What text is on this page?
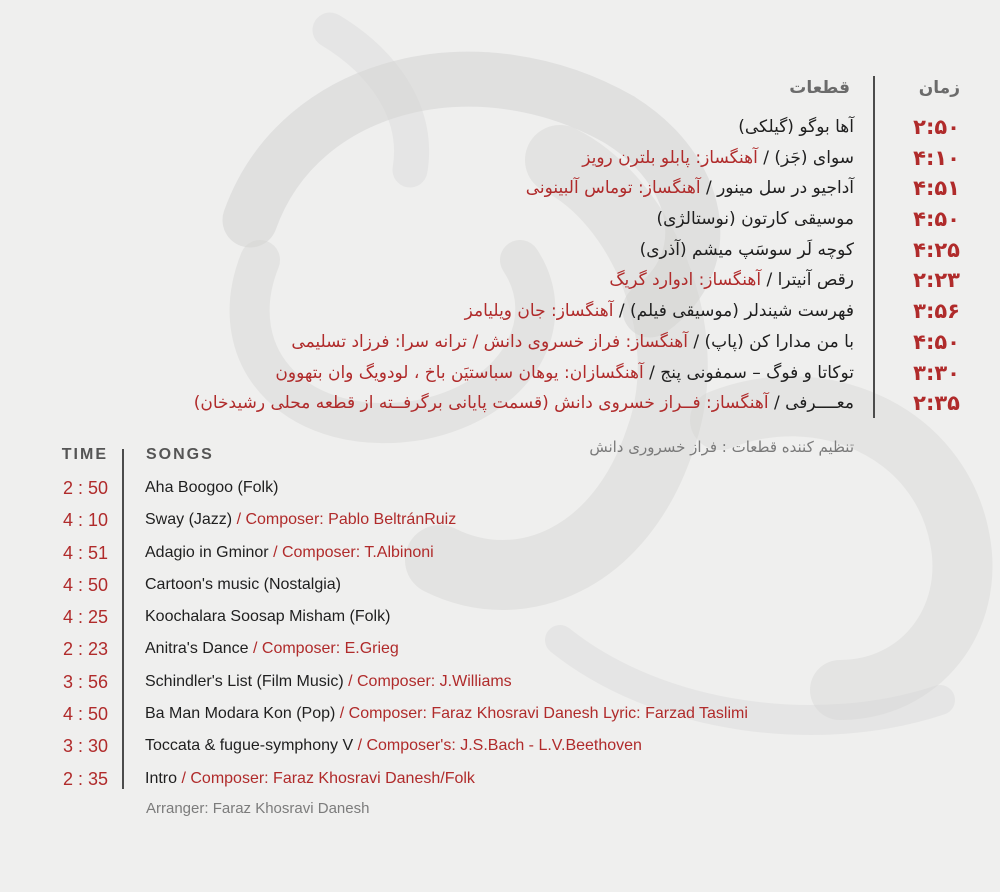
زمان
قطعات
۲:۵۰
۴:۱۰
۴:۵۱
۴:۵۰
۴:۲۵
۲:۲۳
۳:۵۶
۴:۵۰
۳:۳۰
۲:۳۵
آها بوگو (گیلکی)
سوای (جَز) / آهنگساز: پابلو بلترن رویز
آداجیو در سل مینور / آهنگساز: توماس آلبینونی
موسیقی کارتون (نوستالژی)
کوچه لَر سوسَپ میشم (آذری)
رقص آنیترا / آهنگساز: ادوارد گریگ
فهرست شیندلر (موسیقی فیلم) / آهنگساز: جان ویلیامز
با من مدارا کن (پاپ) / آهنگساز: فراز خسروی دانش / ترانه سرا: فرزاد تسلیمی
توکاتا و فوگ – سمفونی پنج / آهنگسازان: یوهان سباستیَن باخ ، لودویگ وان بتهوون
معــــرفی / آهنگساز: فــراز خسروی دانش (قسمت پایانی برگرفــته از قطعه محلی رشیدخان)
تنظیم کننده قطعات : فراز خسروری دانش
TIME SONGS
2 : 50
4 : 10
4 : 51
4 : 50
4 : 25
2 : 23
3 : 56
4 : 50
3 : 30
2 : 35
Aha Boogoo (Folk)
Sway (Jazz) / Composer: Pablo BeltránRuiz
Adagio in Gminor / Composer: T.Albinoni
Cartoon's music (Nostalgia)
Koochalara Soosap Misham (Folk)
Anitra's Dance / Composer: E.Grieg
Schindler's List (Film Music) / Composer: J.Williams
Ba Man Modara Kon (Pop) / Composer: Faraz Khosravi Danesh Lyric: Farzad Taslimi
Toccata & fugue-symphony V / Composer's: J.S.Bach - L.V.Beethoven
Intro / Composer: Faraz Khosravi Danesh/Folk
Arranger: Faraz Khosravi Danesh
